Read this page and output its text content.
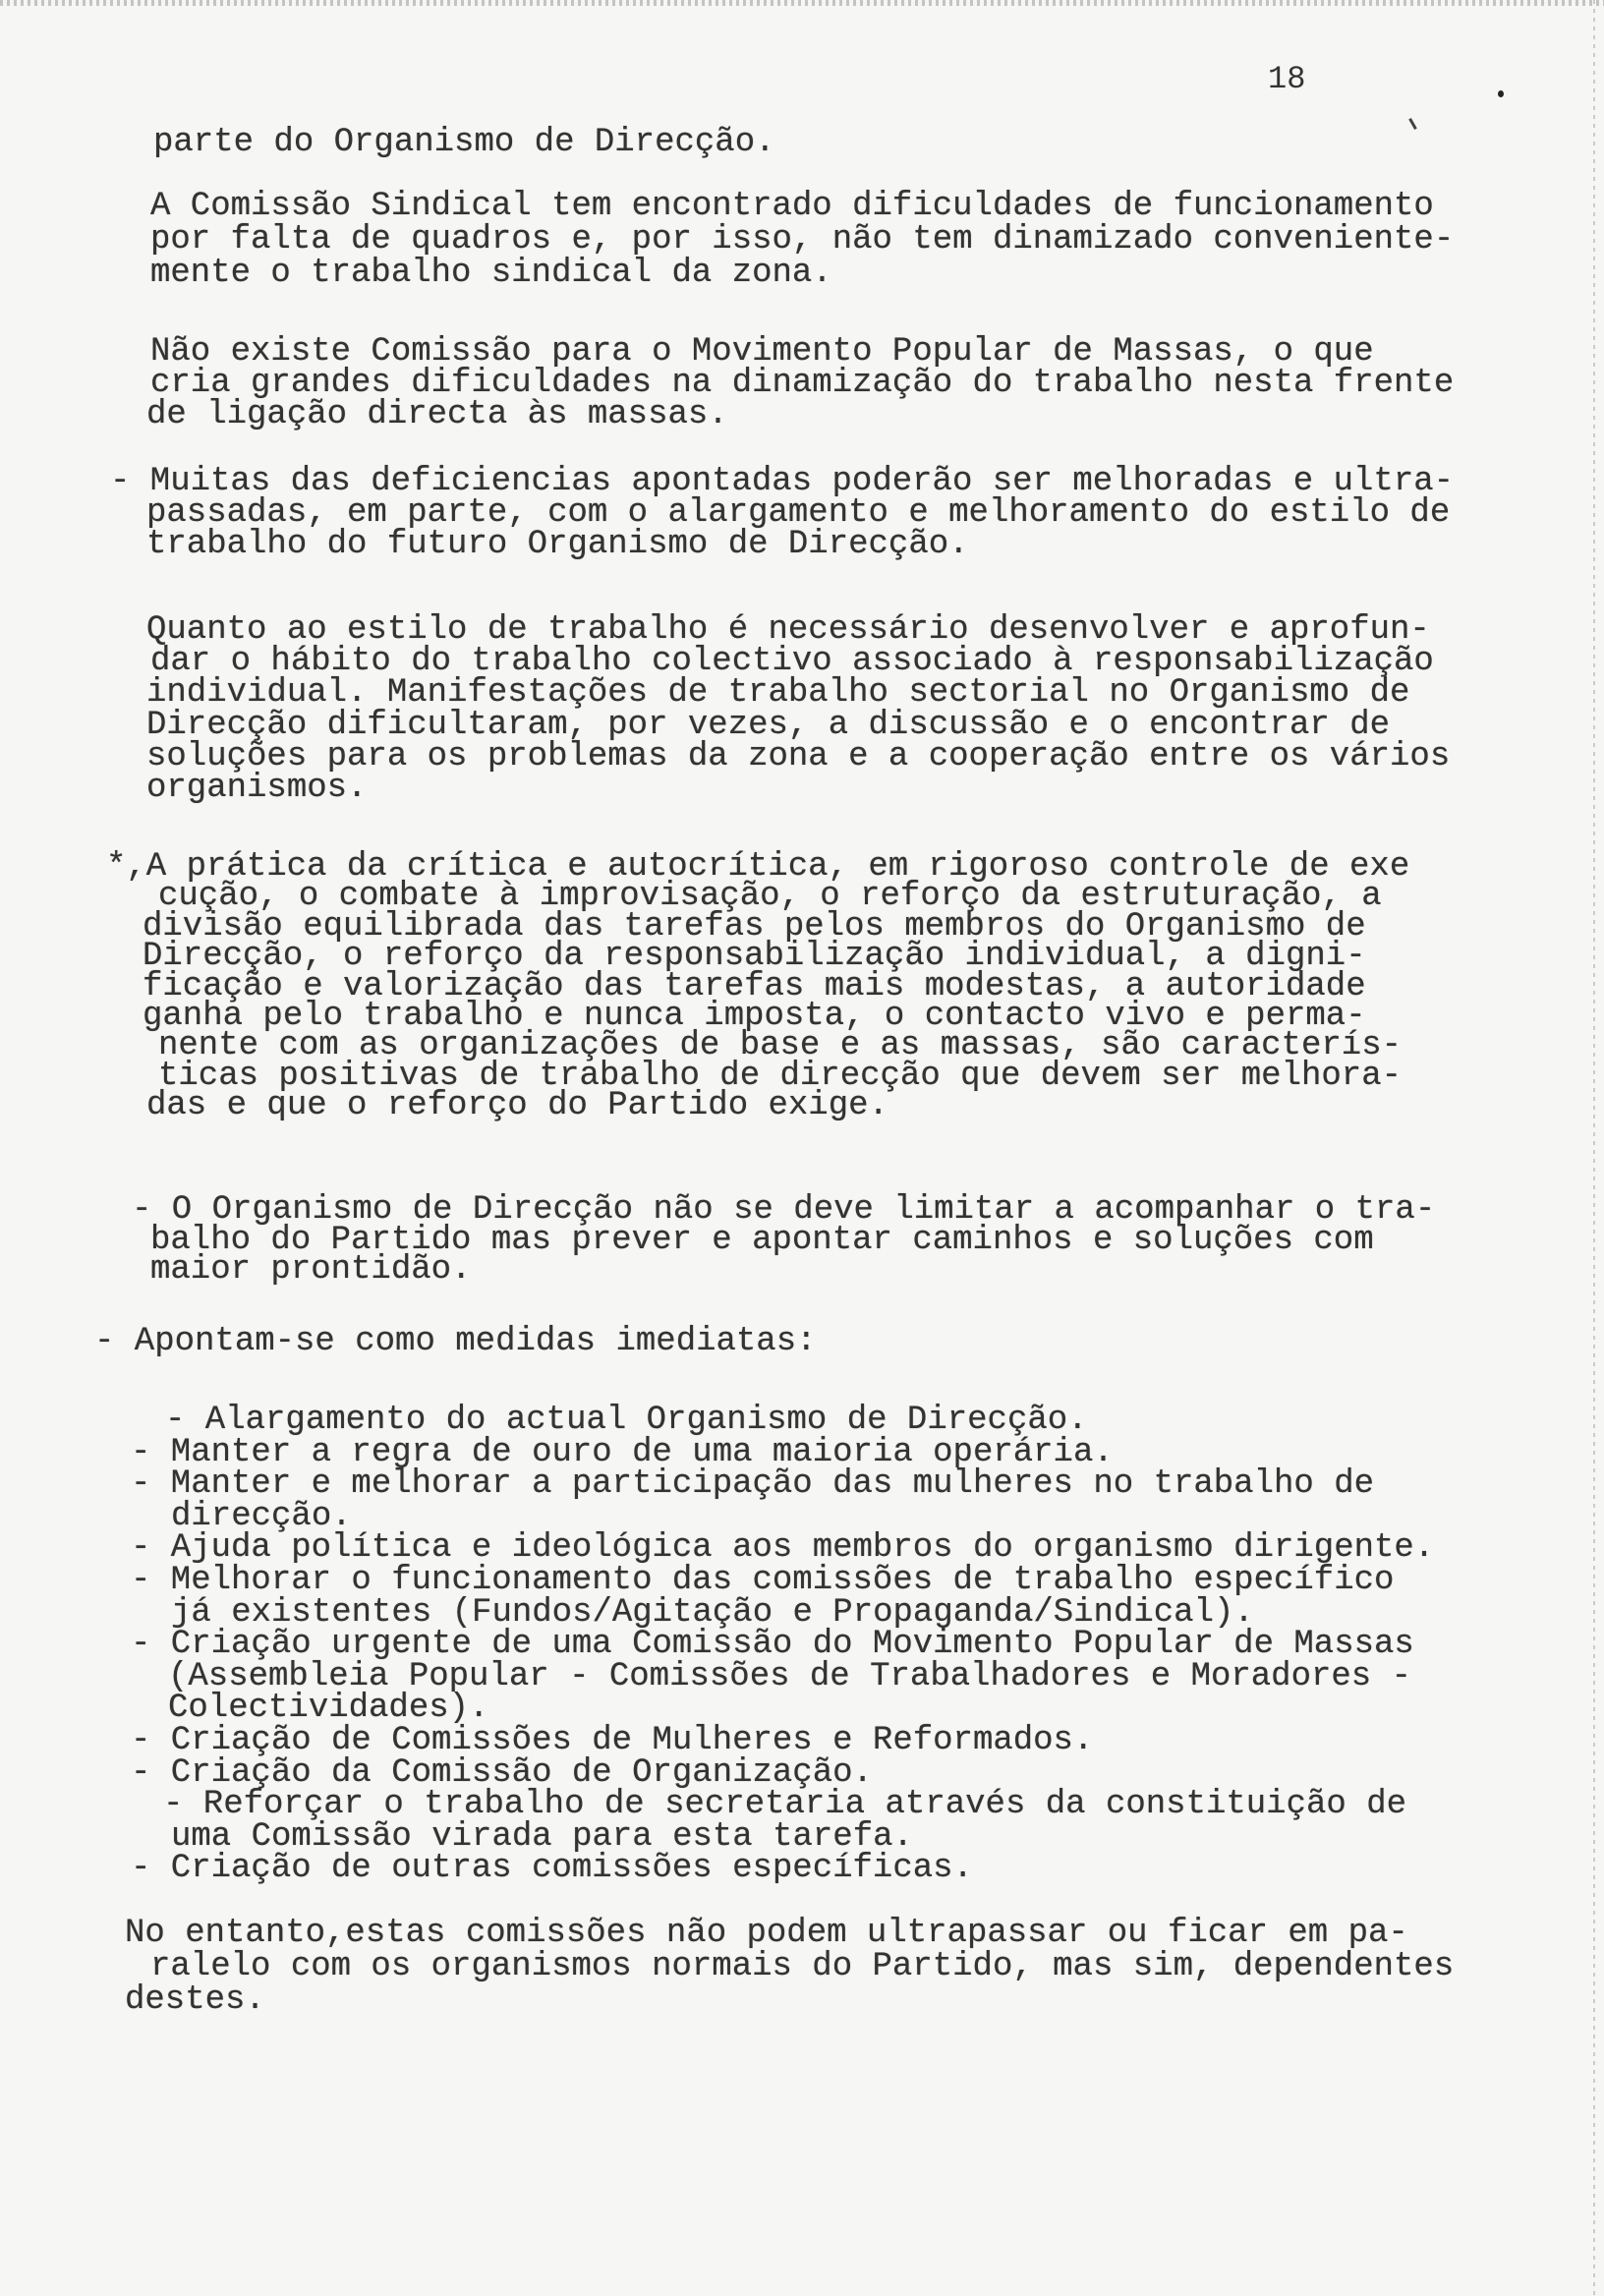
18
parte do Organismo de Direcção.
A Comissão Sindical tem encontrado dificuldades de funcionamento
por falta de quadros e, por isso, não tem dinamizado conveniente-
mente o trabalho sindical da zona.
Não existe Comissão para o Movimento Popular de Massas, o que
cria grandes dificuldades na dinamização do trabalho nesta frente
de ligação directa às massas.
- Muitas das deficiencias apontadas poderão ser melhoradas e ultra-
passadas, em parte, com o alargamento e melhoramento do estilo de
trabalho do futuro Organismo de Direcção.
Quanto ao estilo de trabalho é necessário desenvolver e aprofun-
dar o hábito do trabalho colectivo associado à responsabilização
individual. Manifestações de trabalho sectorial no Organismo de
Direcção dificultaram, por vezes, a discussão e o encontrar de
soluções para os problemas da zona e a cooperação entre os vários
organismos.
*,A prática da crítica e autocrítica, em rigoroso controle de exe
cução, o combate à improvisação, o reforço da estruturação, a
divisão equilibrada das tarefas pelos membros do Organismo de
Direcção, o reforço da responsabilização individual, a digni-
ficação e valorização das tarefas mais modestas, a autoridade
ganha pelo trabalho e nunca imposta, o contacto vivo e perma-
nente com as organizações de base e as massas, são caracterís-
ticas positivas de trabalho de direcção que devem ser melhora-
das e que o reforço do Partido exige.
- O Organismo de Direcção não se deve limitar a acompanhar o tra-
balho do Partido mas prever e apontar caminhos e soluções com
maior prontidão.
- Apontam-se como medidas imediatas:
- Alargamento do actual Organismo de Direcção.
- Manter a regra de ouro de uma maioria operária.
- Manter e melhorar a participação das mulheres no trabalho de
direcção.
- Ajuda política e ideológica aos membros do organismo dirigente.
- Melhorar o funcionamento das comissões de trabalho específico
já existentes (Fundos/Agitação e Propaganda/Sindical).
- Criação urgente de uma Comissão do Movimento Popular de Massas
(Assembleia Popular - Comissões de Trabalhadores e Moradores -
Colectividades).
- Criação de Comissões de Mulheres e Reformados.
- Criação da Comissão de Organização.
- Reforçar o trabalho de secretaria através da constituição de
uma Comissão virada para esta tarefa.
- Criação de outras comissões específicas.
No entanto,estas comissões não podem ultrapassar ou ficar em pa-
ralelo com os organismos normais do Partido, mas sim, dependentes
destes.
